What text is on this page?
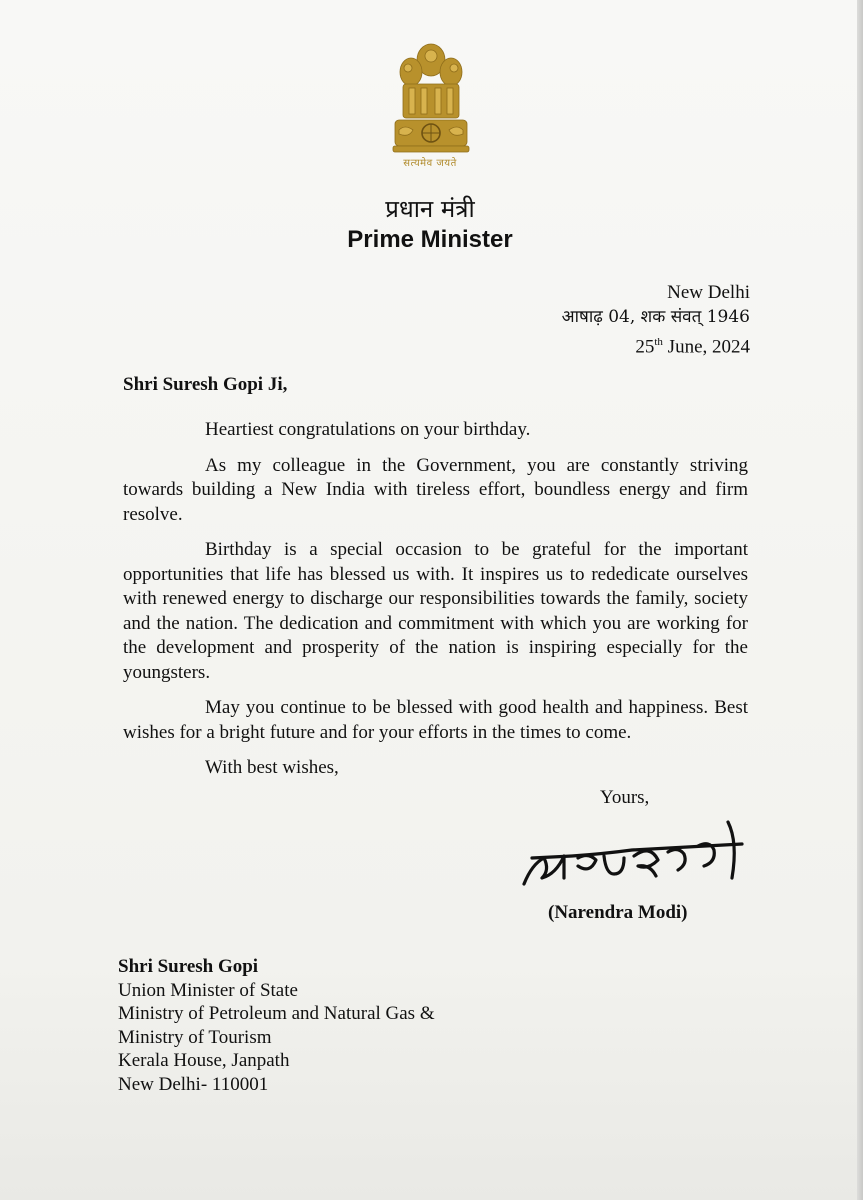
सत्यमेव जयते
प्रधान मंत्री
Prime Minister
New Delhi
आषाढ़ 04, शक संवत् 1946
25th June, 2024
Shri Suresh Gopi Ji,

Heartiest congratulations on your birthday.

As my colleague in the Government, you are constantly striving towards building a New India with tireless effort, boundless energy and firm resolve.

Birthday is a special occasion to be grateful for the important opportunities that life has blessed us with. It inspires us to rededicate ourselves with renewed energy to discharge our responsibilities towards the family, society and the nation. The dedication and commitment with which you are working for the development and prosperity of the nation is inspiring especially for the youngsters.

May you continue to be blessed with good health and happiness. Best wishes for a bright future and for your efforts in the times to come.

With best wishes,

Yours,
(Narendra Modi)
Shri Suresh Gopi
Union Minister of State
Ministry of Petroleum and Natural Gas &
Ministry of Tourism
Kerala House, Janpath
New Delhi- 110001
